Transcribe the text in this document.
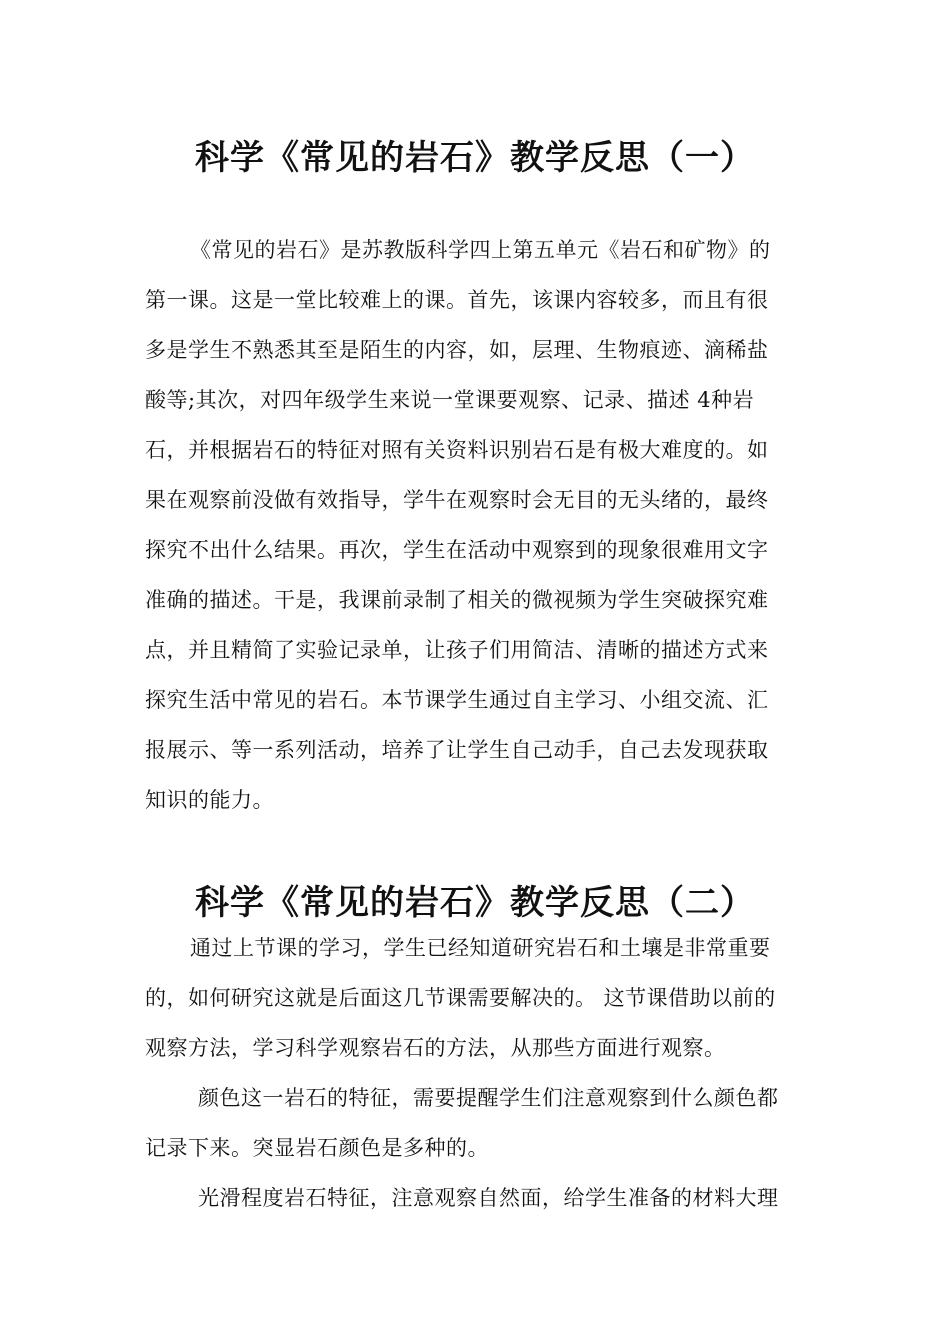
科学《常见的岩石》教学反思（一）
《常见的岩石》是苏教版科学四上第五单元《岩石和矿物》的
第一课。这是一堂比较难上的课。首先，该课内容较多，而且有很
多是学生不熟悉其至是陌生的内容，如，层理、生物痕迹、滴稀盐
酸等;其次，对四年级学生来说一堂课要观察、记录、描述 4种岩
石，并根据岩石的特征对照有关资料识别岩石是有极大难度的。如
果在观察前没做有效指导，学牛在观察时会无目的无头绪的，最终
探究不出什么结果。再次，学生在活动中观察到的现象很难用文字
准确的描述。干是，我课前录制了相关的微视频为学生突破探究难
点，并且精简了实验记录单，让孩子们用简洁、清晰的描述方式来
探究生活中常见的岩石。本节课学生通过自主学习、小组交流、汇
报展示、等一系列活动，培养了让学生自己动手，自己去发现获取
知识的能力。
科学《常见的岩石》教学反思（二）
通过上节课的学习，学生已经知道研究岩石和土壤是非常重要
的，如何研究这就是后面这几节课需要解决的。 这节课借助以前的
观察方法，学习科学观察岩石的方法，从那些方面进行观察。
颜色这一岩石的特征，需要提醒学生们注意观察到什么颜色都
记录下来。突显岩石颜色是多种的。
光滑程度岩石特征，注意观察自然面，给学生准备的材料大理
